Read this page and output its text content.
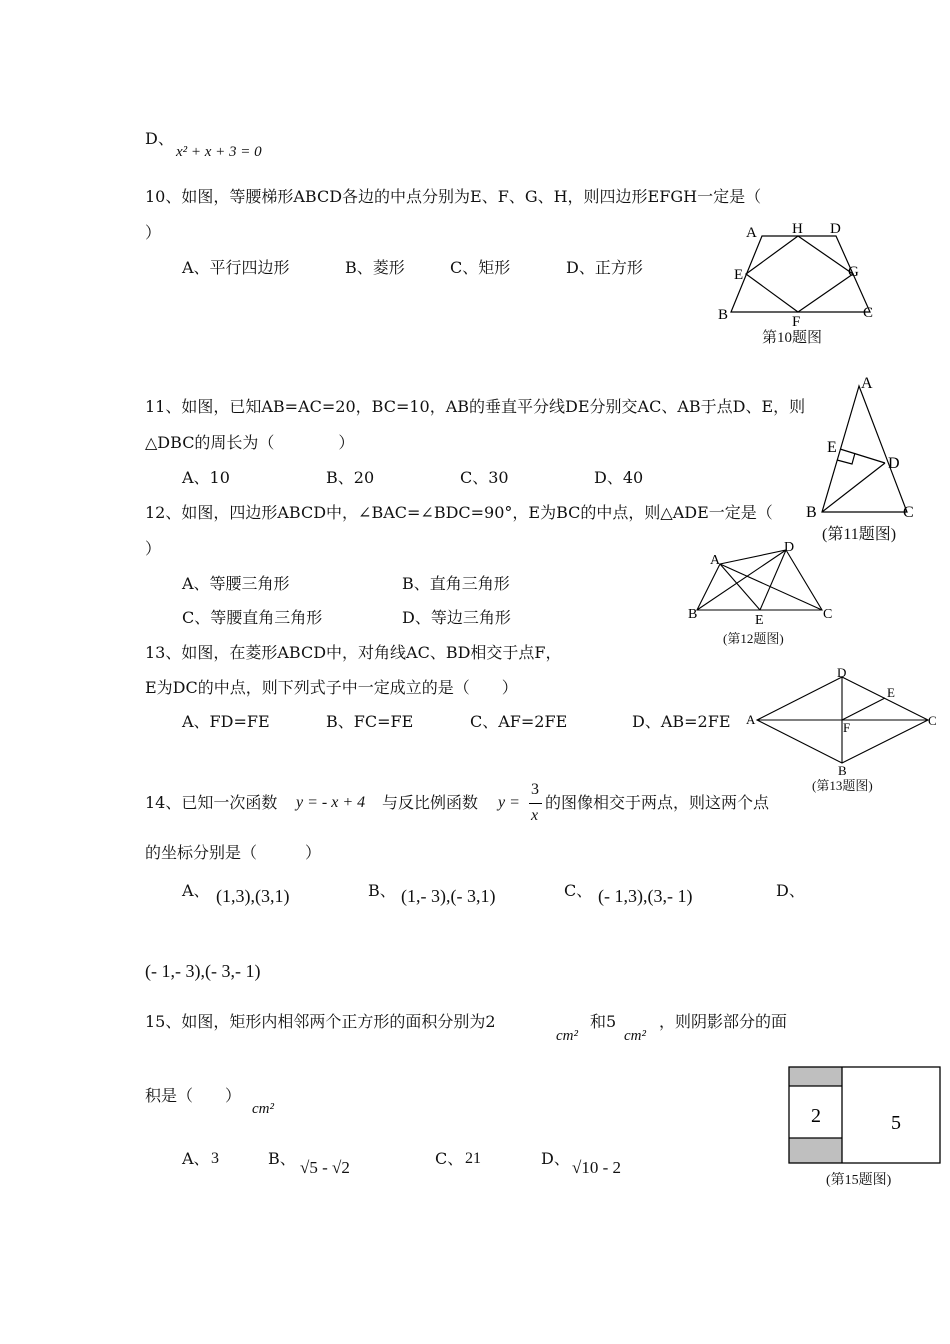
D、
x² + x + 3 = 0
10、如图，等腰梯形ABCD各边的中点分别为E、F、G、H，则四边形EFGH一定是（
）
A、平行四边形	B、菱形	C、矩形	D、正方形
A H D
E	G
B	F
C
第10题图
11、如图，已知AB=AC=20，BC=10，AB的垂直平分线DE分别交AC、AB于点D、E，则
△DBC的周长为（　　　　）
A、10	B、20	C、30	D、40
A
E
D
B	C
(第11题图)
12、如图，四边形ABCD中，∠BAC=∠BDC=90°，E为BC的中点，则△ADE一定是（
）
A、等腰三角形	B、直角三角形
C、等腰直角三角形	D、等边三角形
A
D
B	E	C
(第12题图)
13、如图，在菱形ABCD中，对角线AC、BD相交于点F，
E为DC的中点，则下列式子中一定成立的是（　　）
A、FD=FE	B、FC=FE	C、AF=2FE	D、AB=2FE
D
E
A
F	C
B
(第13题图)
14、已知一次函数 y = - x + 4 与反比例函数 y =
3
x
的图像相交于两点，则这两个点
的坐标分别是（　　　）
A、 (1,3),(3,1)	B、 (1,- 3),(- 3,1)	C、 (- 1,3),(3,- 1)	D、
(- 1,- 3),(- 3,- 1)
15、如图，矩形内相邻两个正方形的面积分别为2
cm²
和5
cm²
，则阴影部分的面
积是（　　）
cm²
A、 3	B、 √5 - √2	C、 21	D、 √10 - 2
2	5
(第15题图)
